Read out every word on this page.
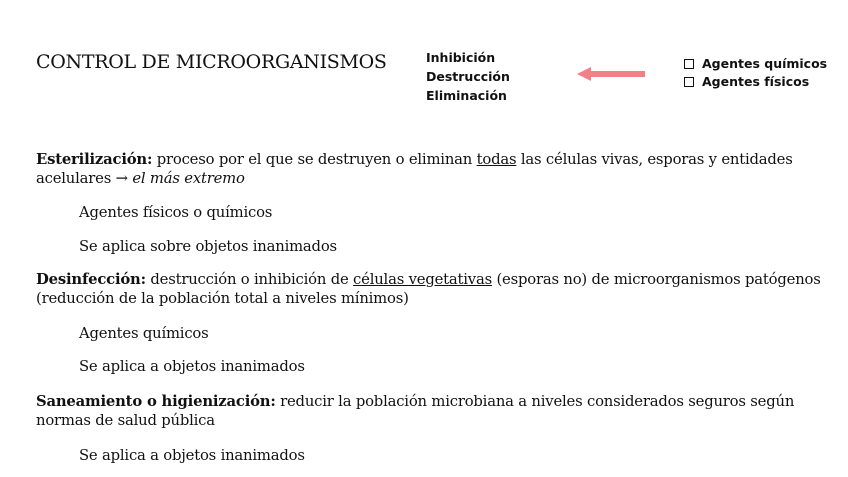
CONTROL DE MICROORGANISMOS	Inhibición
Destrucción
Eliminación
Agentes químicos
Agentes físicos
Esterilización: proceso por el que se destruyen o eliminan todas las células vivas, esporas y entidades acelulares → el más extremo
Agentes físicos o químicos
Se aplica sobre objetos inanimados
Desinfección: destrucción o inhibición de células vegetativas (esporas no) de microorganismos patógenos (reducción de la población total a niveles mínimos)
Agentes químicos
Se aplica a objetos inanimados
Saneamiento o higienización: reducir la población microbiana a niveles considerados seguros según normas de salud pública
Se aplica a objetos inanimados
